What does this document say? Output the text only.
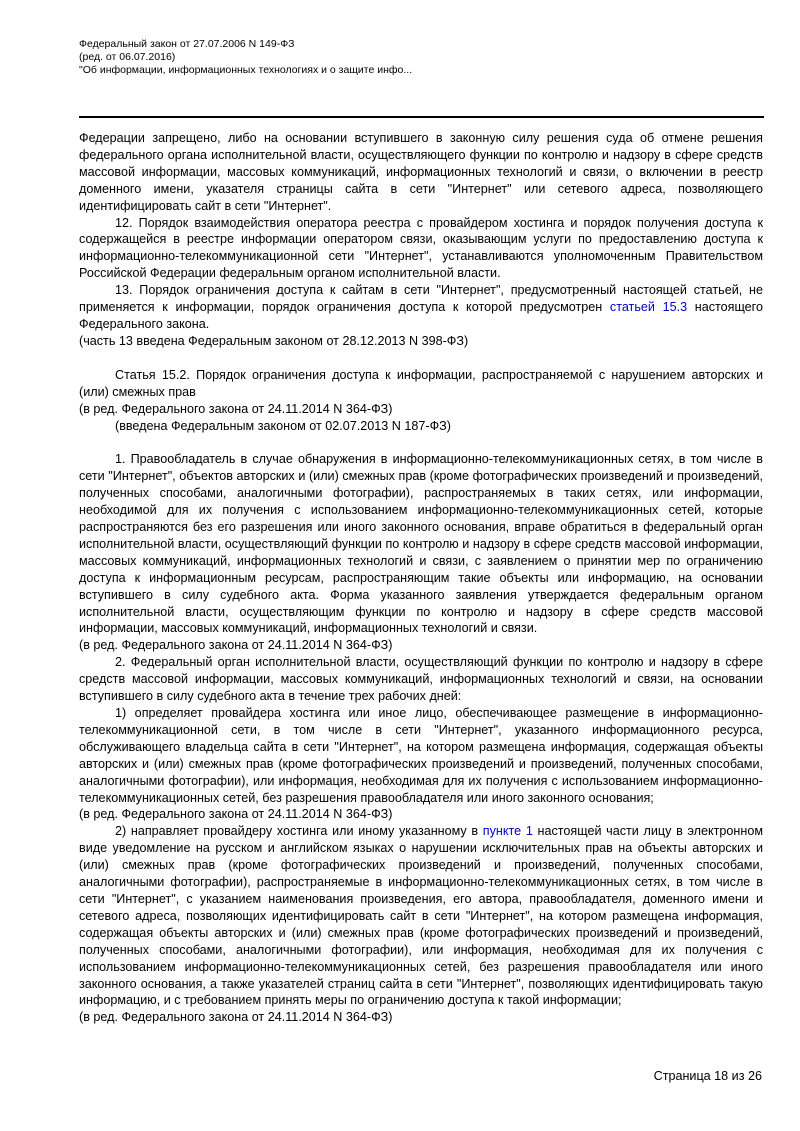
Федеральный закон от 27.07.2006 N 149-ФЗ
(ред. от 06.07.2016)
"Об информации, информационных технологиях и о защите инфо...

Федерации запрещено, либо на основании вступившего в законную силу решения суда об отмене решения федерального органа исполнительной власти, осуществляющего функции по контролю и надзору в сфере средств массовой информации, массовых коммуникаций, информационных технологий и связи, о включении в реестр доменного имени, указателя страницы сайта в сети "Интернет" или сетевого адреса, позволяющего идентифицировать сайт в сети "Интернет".

12. Порядок взаимодействия оператора реестра с провайдером хостинга и порядок получения доступа к содержащейся в реестре информации оператором связи, оказывающим услуги по предоставлению доступа к информационно-телекоммуникационной сети "Интернет", устанавливаются уполномоченным Правительством Российской Федерации федеральным органом исполнительной власти.

13. Порядок ограничения доступа к сайтам в сети "Интернет", предусмотренный настоящей статьей, не применяется к информации, порядок ограничения доступа к которой предусмотрен статьей 15.3 настоящего Федерального закона.

(часть 13 введена Федеральным законом от 28.12.2013 N 398-ФЗ)

Статья 15.2. Порядок ограничения доступа к информации, распространяемой с нарушением авторских и (или) смежных прав

(в ред. Федерального закона от 24.11.2014 N 364-ФЗ)

(введена Федеральным законом от 02.07.2013 N 187-ФЗ)

1. Правообладатель в случае обнаружения в информационно-телекоммуникационных сетях, в том числе в сети "Интернет", объектов авторских и (или) смежных прав (кроме фотографических произведений и произведений, полученных способами, аналогичными фотографии), распространяемых в таких сетях, или информации, необходимой для их получения с использованием информационно-телекоммуникационных сетей, которые распространяются без его разрешения или иного законного основания, вправе обратиться в федеральный орган исполнительной власти, осуществляющий функции по контролю и надзору в сфере средств массовой информации, массовых коммуникаций, информационных технологий и связи, с заявлением о принятии мер по ограничению доступа к информационным ресурсам, распространяющим такие объекты или информацию, на основании вступившего в силу судебного акта. Форма указанного заявления утверждается федеральным органом исполнительной власти, осуществляющим функции по контролю и надзору в сфере средств массовой информации, массовых коммуникаций, информационных технологий и связи.

(в ред. Федерального закона от 24.11.2014 N 364-ФЗ)

2. Федеральный орган исполнительной власти, осуществляющий функции по контролю и надзору в сфере средств массовой информации, массовых коммуникаций, информационных технологий и связи, на основании вступившего в силу судебного акта в течение трех рабочих дней:

1) определяет провайдера хостинга или иное лицо, обеспечивающее размещение в информационно-телекоммуникационной сети, в том числе в сети "Интернет", указанного информационного ресурса, обслуживающего владельца сайта в сети "Интернет", на котором размещена информация, содержащая объекты авторских и (или) смежных прав (кроме фотографических произведений и произведений, полученных способами, аналогичными фотографии), или информация, необходимая для их получения с использованием информационно-телекоммуникационных сетей, без разрешения правообладателя или иного законного основания;

(в ред. Федерального закона от 24.11.2014 N 364-ФЗ)

2) направляет провайдеру хостинга или иному указанному в пункте 1 настоящей части лицу в электронном виде уведомление на русском и английском языках о нарушении исключительных прав на объекты авторских и (или) смежных прав (кроме фотографических произведений и произведений, полученных способами, аналогичными фотографии), распространяемые в информационно-телекоммуникационных сетях, в том числе в сети "Интернет", с указанием наименования произведения, его автора, правообладателя, доменного имени и сетевого адреса, позволяющих идентифицировать сайт в сети "Интернет", на котором размещена информация, содержащая объекты авторских и (или) смежных прав (кроме фотографических произведений и произведений, полученных способами, аналогичными фотографии), или информация, необходимая для их получения с использованием информационно-телекоммуникационных сетей, без разрешения правообладателя или иного законного основания, а также указателей страниц сайта в сети "Интернет", позволяющих идентифицировать такую информацию, и с требованием принять меры по ограничению доступа к такой информации;

(в ред. Федерального закона от 24.11.2014 N 364-ФЗ)

Страница 18 из 26
